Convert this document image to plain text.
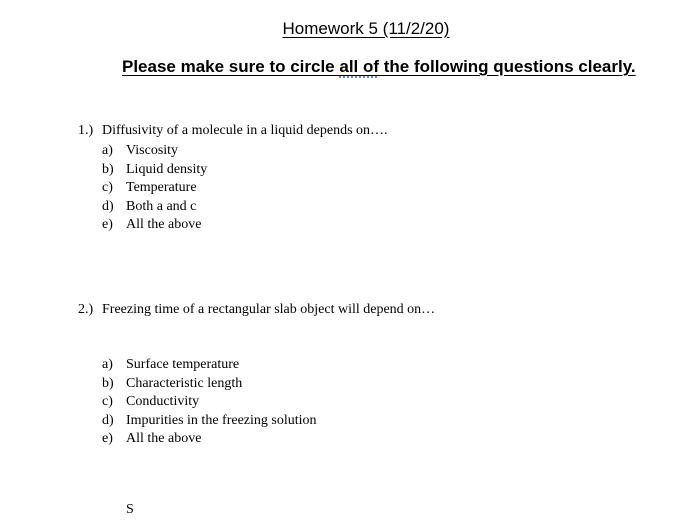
Homework 5 (11/2/20)
Please make sure to circle all of the following questions clearly.
1.) Diffusivity of a molecule in a liquid depends on….
a) Viscosity
b) Liquid density
c) Temperature
d) Both a and c
e) All the above
2.) Freezing time of a rectangular slab object will depend on…
a) Surface temperature
b) Characteristic length
c) Conductivity
d) Impurities in the freezing solution
e) All the above
S
